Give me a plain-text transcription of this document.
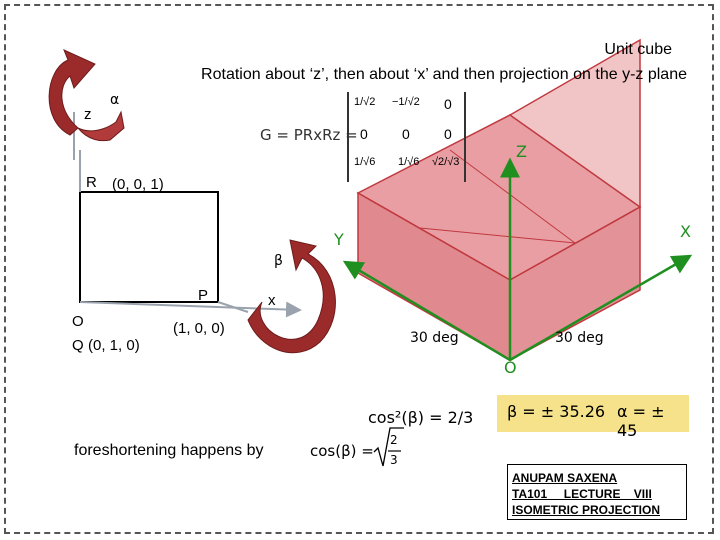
Unit cube
Rotation about ‘z’, then about ‘x’ and then projection on the y-z plane
z
α
G = PRxRz =
1/√2 −1/√2 0
0 0 0
1/√6 1/√6 √2/√3
R (0, 0, 1)
P
(1, 0, 0)
O
Q (0, 1, 0)
β
x
Z
Y	X
O
30 deg	30 deg
cos²(β) = 2/3
foreshortening happens by	cos(β) =
2
3
β = ± 35.26 α = ± 45
ANUPAM SAXENA
TA101     LECTURE    VIII
ISOMETRIC PROJECTION
